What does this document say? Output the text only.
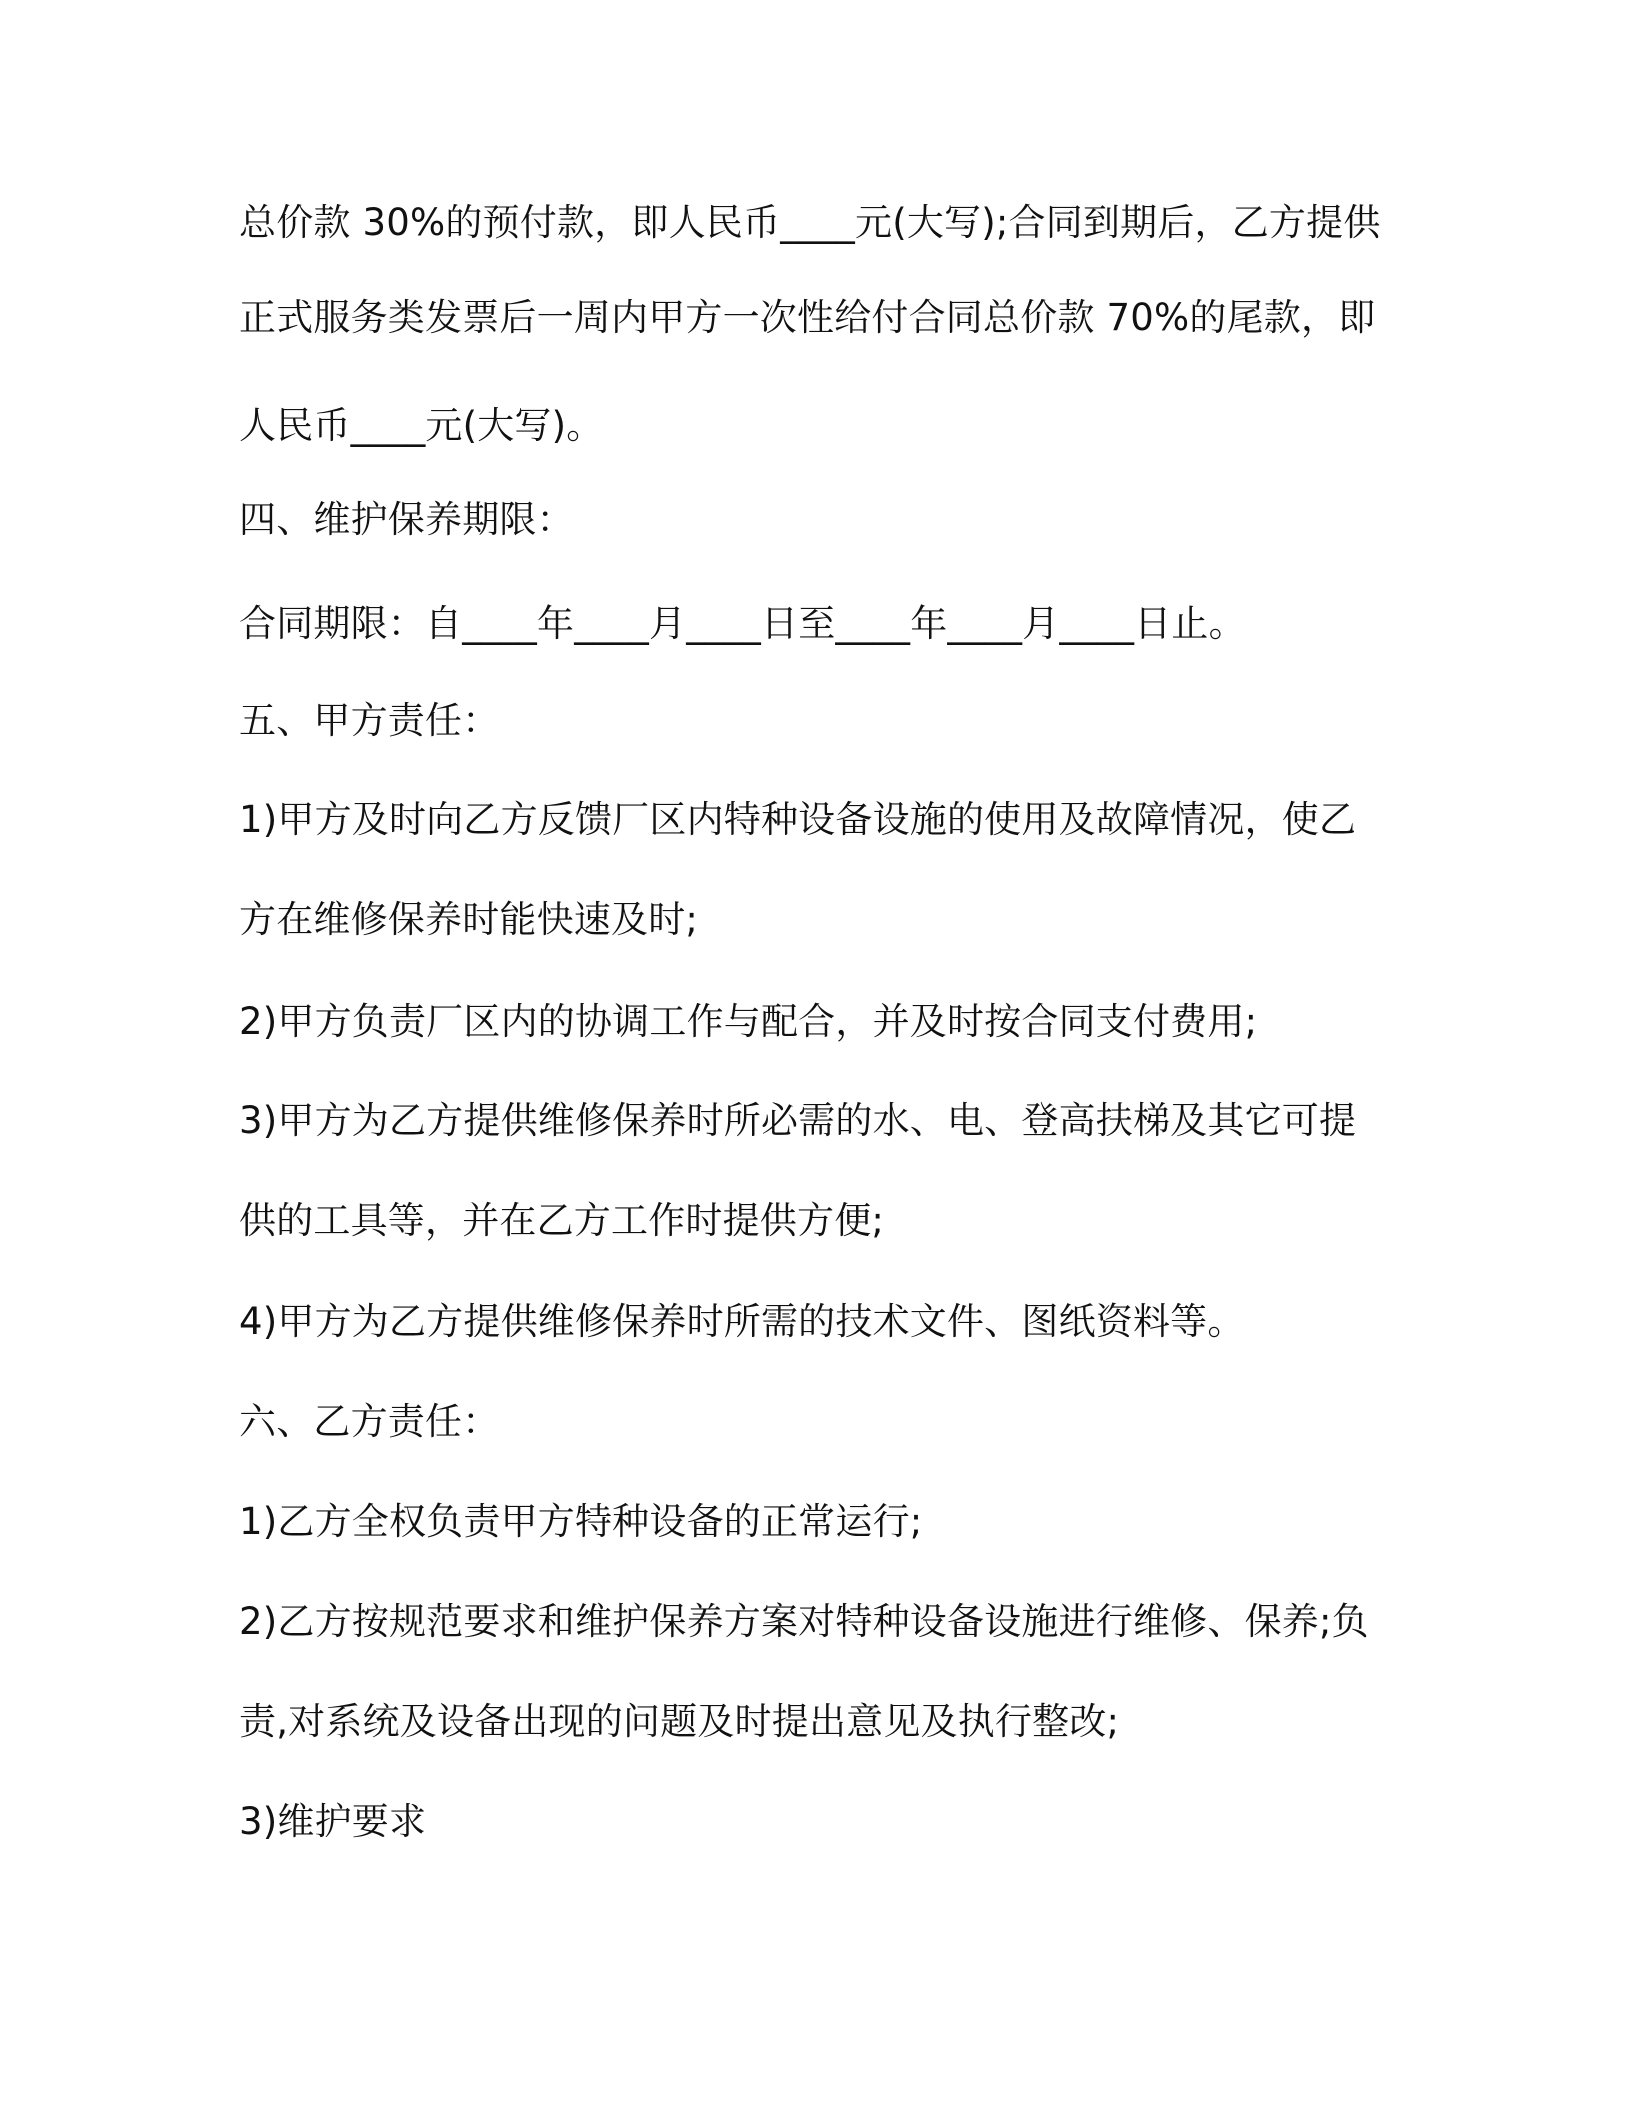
总价款 30%的预付款，即人民币____元(大写);合同到期后，乙方提供
正式服务类发票后一周内甲方一次性给付合同总价款 70%的尾款，即
人民币____元(大写)。
四、维护保养期限：
合同期限：自____年____月____日至____年____月____日止。
五、甲方责任：
1)甲方及时向乙方反馈厂区内特种设备设施的使用及故障情况，使乙
方在维修保养时能快速及时;
2)甲方负责厂区内的协调工作与配合，并及时按合同支付费用;
3)甲方为乙方提供维修保养时所必需的水、电、登高扶梯及其它可提
供的工具等，并在乙方工作时提供方便;
4)甲方为乙方提供维修保养时所需的技术文件、图纸资料等。
六、乙方责任：
1)乙方全权负责甲方特种设备的正常运行;
2)乙方按规范要求和维护保养方案对特种设备设施进行维修、保养;负
责,对系统及设备出现的问题及时提出意见及执行整改;
3)维护要求
